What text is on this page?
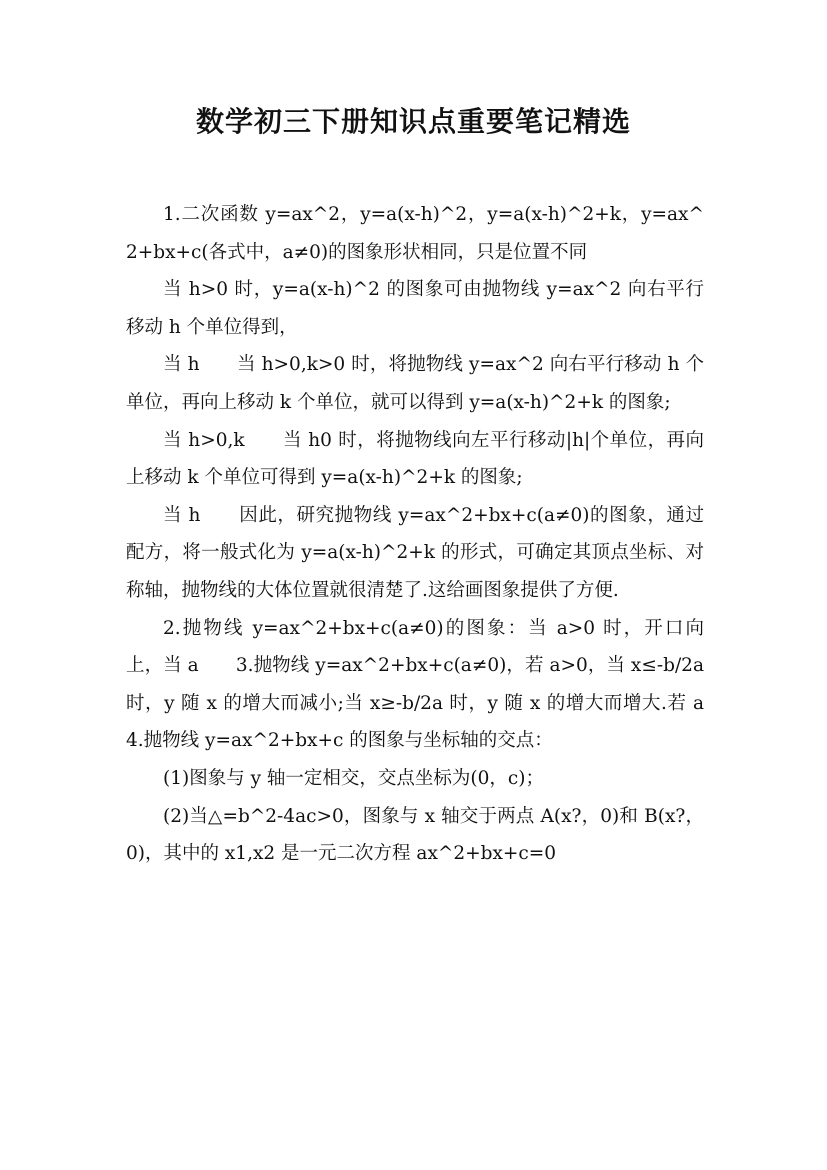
数学初三下册知识点重要笔记精选

1.二次函数 y=ax^2，y=a(x-h)^2，y=a(x-h)^2+k，y=ax^2+bx+c(各式中，a≠0)的图象形状相同，只是位置不同

当 h>0 时，y=a(x-h)^2 的图象可由抛物线 y=ax^2 向右平行移动 h 个单位得到，

当 h　　当 h>0,k>0 时，将抛物线 y=ax^2 向右平行移动 h 个单位，再向上移动 k 个单位，就可以得到 y=a(x-h)^2+k 的图象;

当 h>0,k　　当 h0 时，将抛物线向左平行移动|h|个单位，再向上移动 k 个单位可得到 y=a(x-h)^2+k 的图象;

当 h　　因此，研究抛物线 y=ax^2+bx+c(a≠0)的图象，通过配方，将一般式化为 y=a(x-h)^2+k 的形式，可确定其顶点坐标、对称轴，抛物线的大体位置就很清楚了.这给画图象提供了方便.

2.抛物线 y=ax^2+bx+c(a≠0)的图象：当 a>0 时，开口向上，当 a　　3.抛物线 y=ax^2+bx+c(a≠0)，若 a>0，当 x≤-b/2a 时，y 随 x 的增大而减小;当 x≥-b/2a 时，y 随 x 的增大而增大.若 a　　4.抛物线 y=ax^2+bx+c 的图象与坐标轴的交点：

(1)图象与 y 轴一定相交，交点坐标为(0，c)；

(2)当△=b^2-4ac>0，图象与 x 轴交于两点 A(x?，0)和 B(x?，0)，其中的 x1,x2 是一元二次方程 ax^2+bx+c=0
